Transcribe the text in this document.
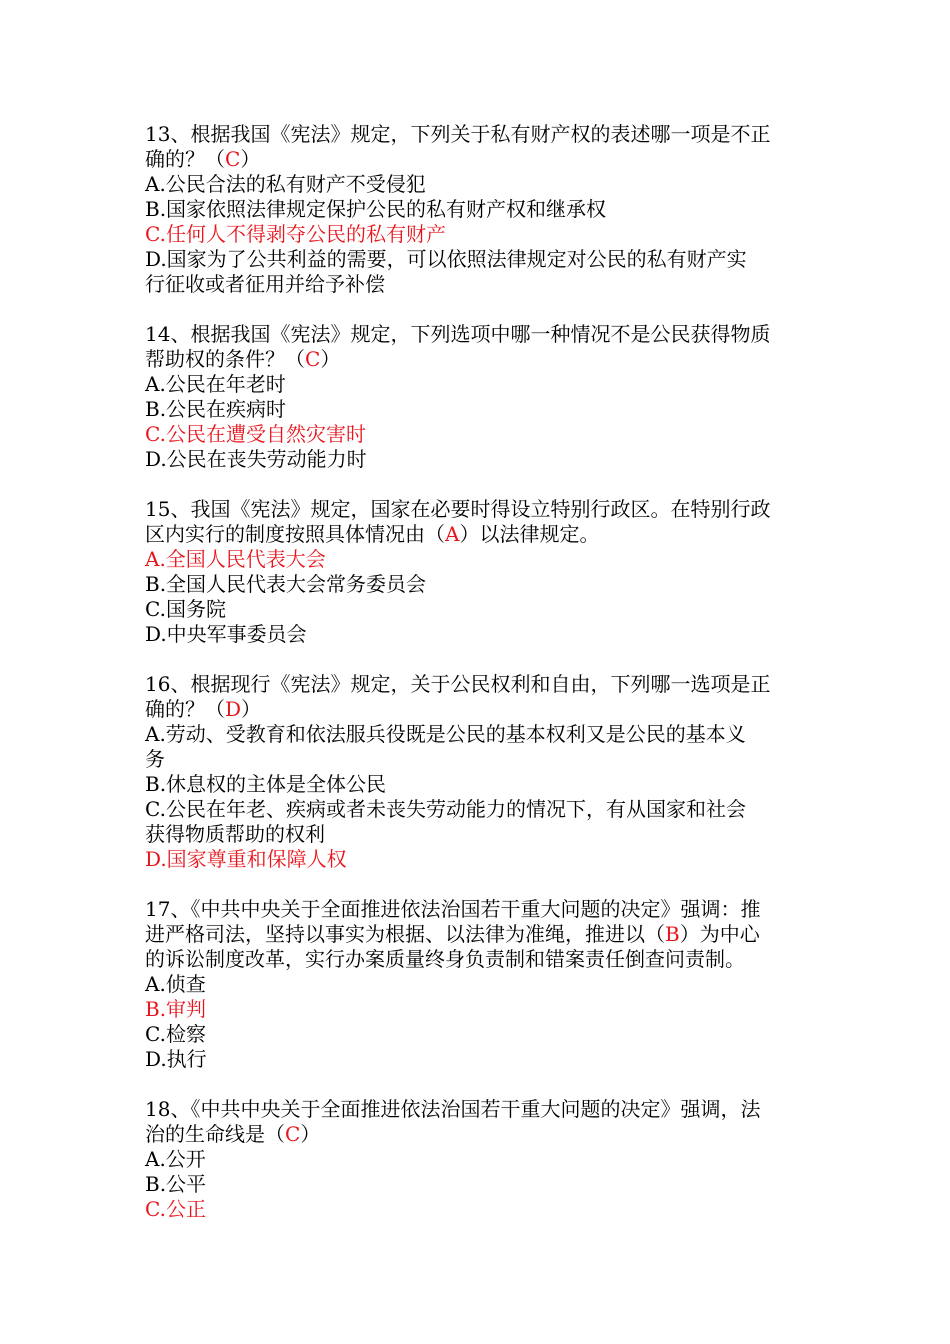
13、根据我国《宪法》规定，下列关于私有财产权的表述哪一项是不正
确的？（C）
A.公民合法的私有财产不受侵犯
B.国家依照法律规定保护公民的私有财产权和继承权
C.任何人不得剥夺公民的私有财产
D.国家为了公共利益的需要，可以依照法律规定对公民的私有财产实
行征收或者征用并给予补偿
14、根据我国《宪法》规定，下列选项中哪一种情况不是公民获得物质
帮助权的条件？（C）
A.公民在年老时
B.公民在疾病时
C.公民在遭受自然灾害时
D.公民在丧失劳动能力时
15、我国《宪法》规定，国家在必要时得设立特别行政区。在特别行政
区内实行的制度按照具体情况由（A）以法律规定。
A.全国人民代表大会
B.全国人民代表大会常务委员会
C.国务院
D.中央军事委员会
16、根据现行《宪法》规定，关于公民权利和自由，下列哪一选项是正
确的？（D）
A.劳动、受教育和依法服兵役既是公民的基本权利又是公民的基本义
务
B.休息权的主体是全体公民
C.公民在年老、疾病或者未丧失劳动能力的情况下，有从国家和社会
获得物质帮助的权利
D.国家尊重和保障人权
17、《中共中央关于全面推进依法治国若干重大问题的决定》强调：推
进严格司法，坚持以事实为根据、以法律为准绳，推进以（B）为中心
的诉讼制度改革，实行办案质量终身负责制和错案责任倒查问责制。
A.侦查
B.审判
C.检察
D.执行
18、《中共中央关于全面推进依法治国若干重大问题的决定》强调，法
治的生命线是（C）
A.公开
B.公平
C.公正
